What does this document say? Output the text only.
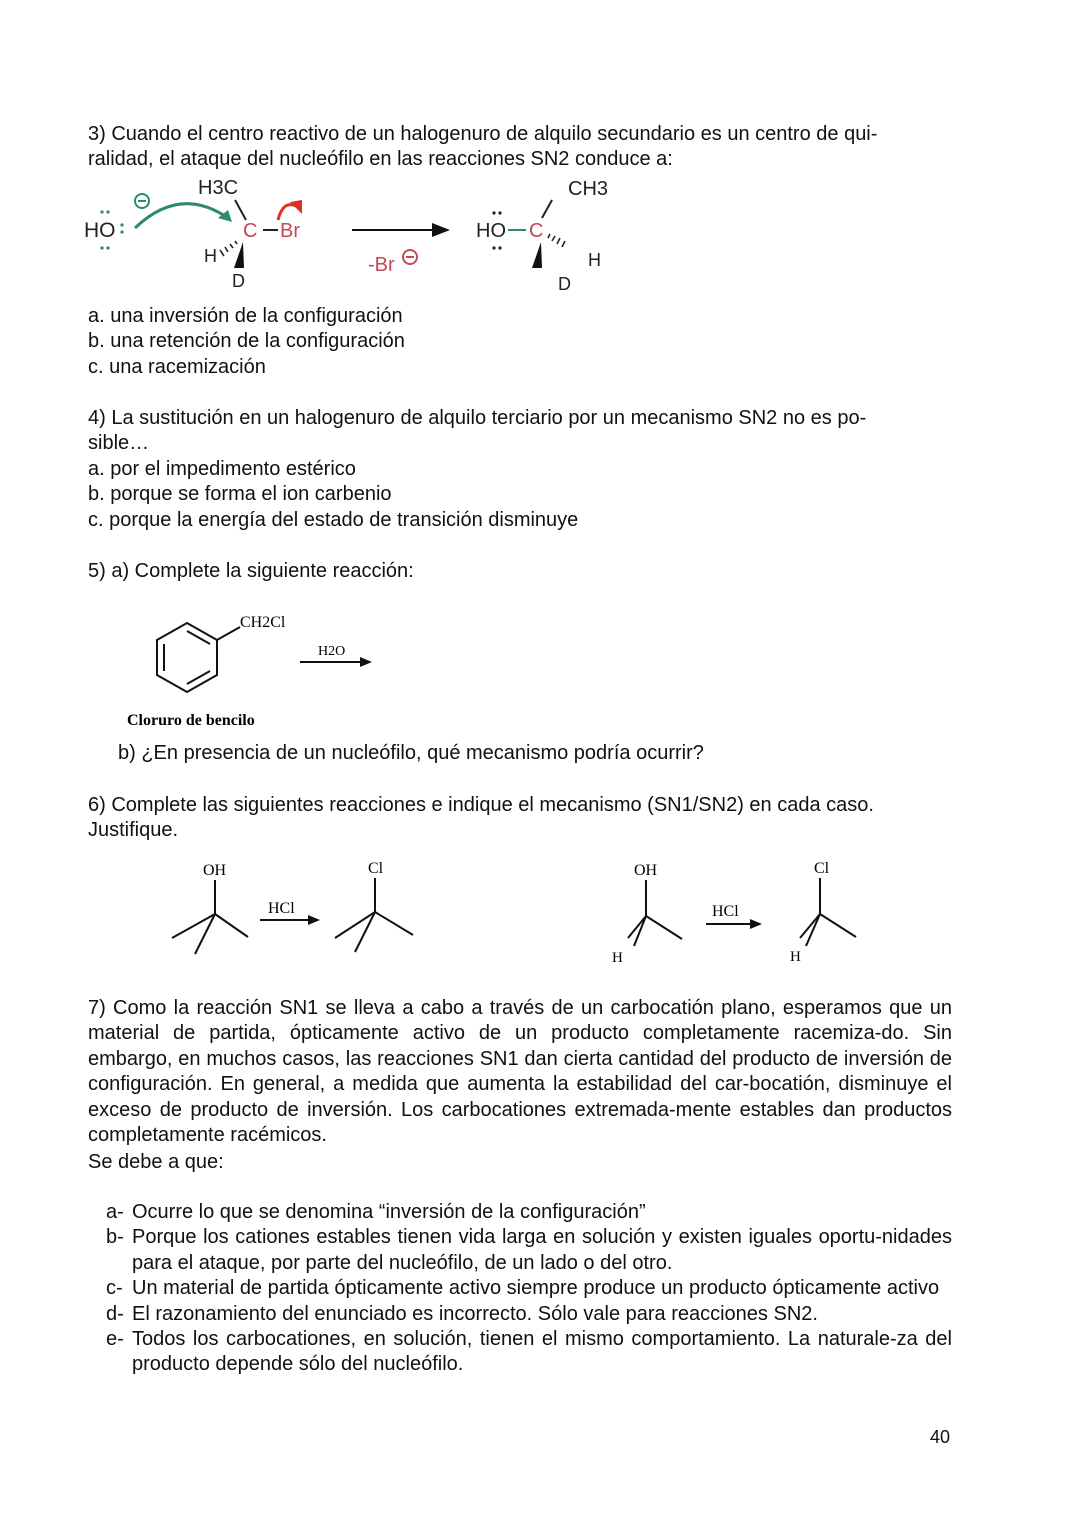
3) Cuando el centro reactivo de un halogenuro de alquilo secundario es un centro de qui-
ralidad, el ataque del nucleófilo en las reacciones SN2 conduce a:
HO
H3C
C Br
H
D
-Br
HO C
CH3
H
D
a. una inversión de la configuración
b. una retención de la configuración
c. una racemización
4) La sustitución en un halogenuro de alquilo terciario por un mecanismo SN2 no es po-
sible…
a. por el impedimento estérico
b. porque se forma el ion carbenio
c. porque la energía del estado de transición disminuye
5) a) Complete la siguiente reacción:
CH2Cl
H2O
Cloruro de bencilo
b) ¿En presencia de un nucleófilo, qué mecanismo podría ocurrir?
6) Complete las siguientes reacciones e indique el mecanismo (SN1/SN2) en cada caso.
Justifique.
OH
HCl
Cl	OH
H
HCl
Cl
H
7) Como la reacción SN1 se lleva a cabo a través de un carbocatión plano, esperamos que un material de partida, ópticamente activo de un producto completamente racemiza-do. Sin embargo, en muchos casos, las reacciones SN1 dan cierta cantidad del producto de inversión de configuración. En general, a medida que aumenta la estabilidad del car-bocatión, disminuye el exceso de producto de inversión. Los carbocationes extremada-mente estables dan productos completamente racémicos.
Se debe a que:
a- Ocurre lo que se denomina “inversión de la configuración”
b- Porque los cationes estables tienen vida larga en solución y existen iguales oportu-nidades para el ataque, por parte del nucleófilo, de un lado o del otro.
c- Un material de partida ópticamente activo siempre produce un producto ópticamente activo
d- El razonamiento del enunciado es incorrecto. Sólo vale para reacciones SN2.
e- Todos los carbocationes, en solución, tienen el mismo comportamiento. La naturale-za del producto depende sólo del nucleófilo.
40
